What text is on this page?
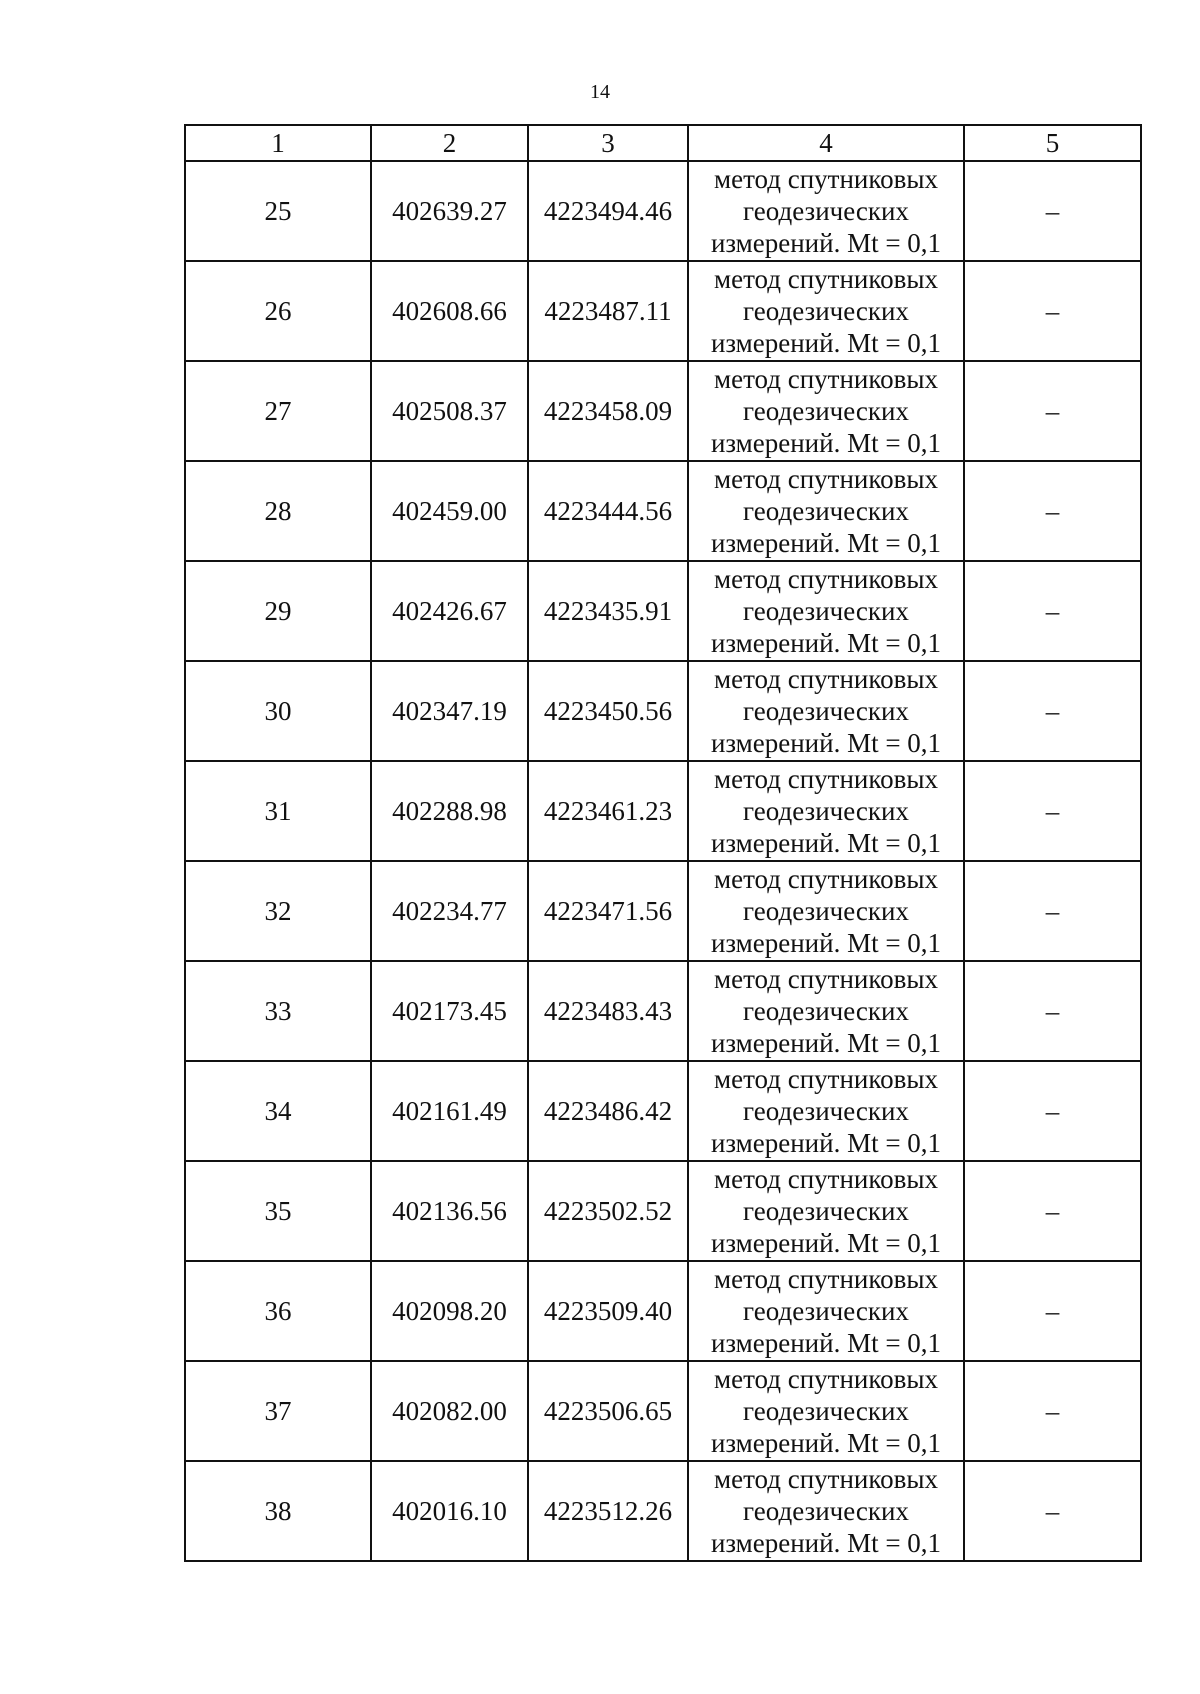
14
1	2	3	4	5
25	402639.27	4223494.46	метод спутниковых
геодезических
измерений. Mt = 0,1	–
26	402608.66	4223487.11	метод спутниковых
геодезических
измерений. Mt = 0,1	–
27	402508.37	4223458.09	метод спутниковых
геодезических
измерений. Mt = 0,1	–
28	402459.00	4223444.56	метод спутниковых
геодезических
измерений. Mt = 0,1	–
29	402426.67	4223435.91	метод спутниковых
геодезических
измерений. Mt = 0,1	–
30	402347.19	4223450.56	метод спутниковых
геодезических
измерений. Mt = 0,1	–
31	402288.98	4223461.23	метод спутниковых
геодезических
измерений. Mt = 0,1	–
32	402234.77	4223471.56	метод спутниковых
геодезических
измерений. Mt = 0,1	–
33	402173.45	4223483.43	метод спутниковых
геодезических
измерений. Mt = 0,1	–
34	402161.49	4223486.42	метод спутниковых
геодезических
измерений. Mt = 0,1	–
35	402136.56	4223502.52	метод спутниковых
геодезических
измерений. Mt = 0,1	–
36	402098.20	4223509.40	метод спутниковых
геодезических
измерений. Mt = 0,1	–
37	402082.00	4223506.65	метод спутниковых
геодезических
измерений. Mt = 0,1	–
38	402016.10	4223512.26	метод спутниковых
геодезических
измерений. Mt = 0,1	–
